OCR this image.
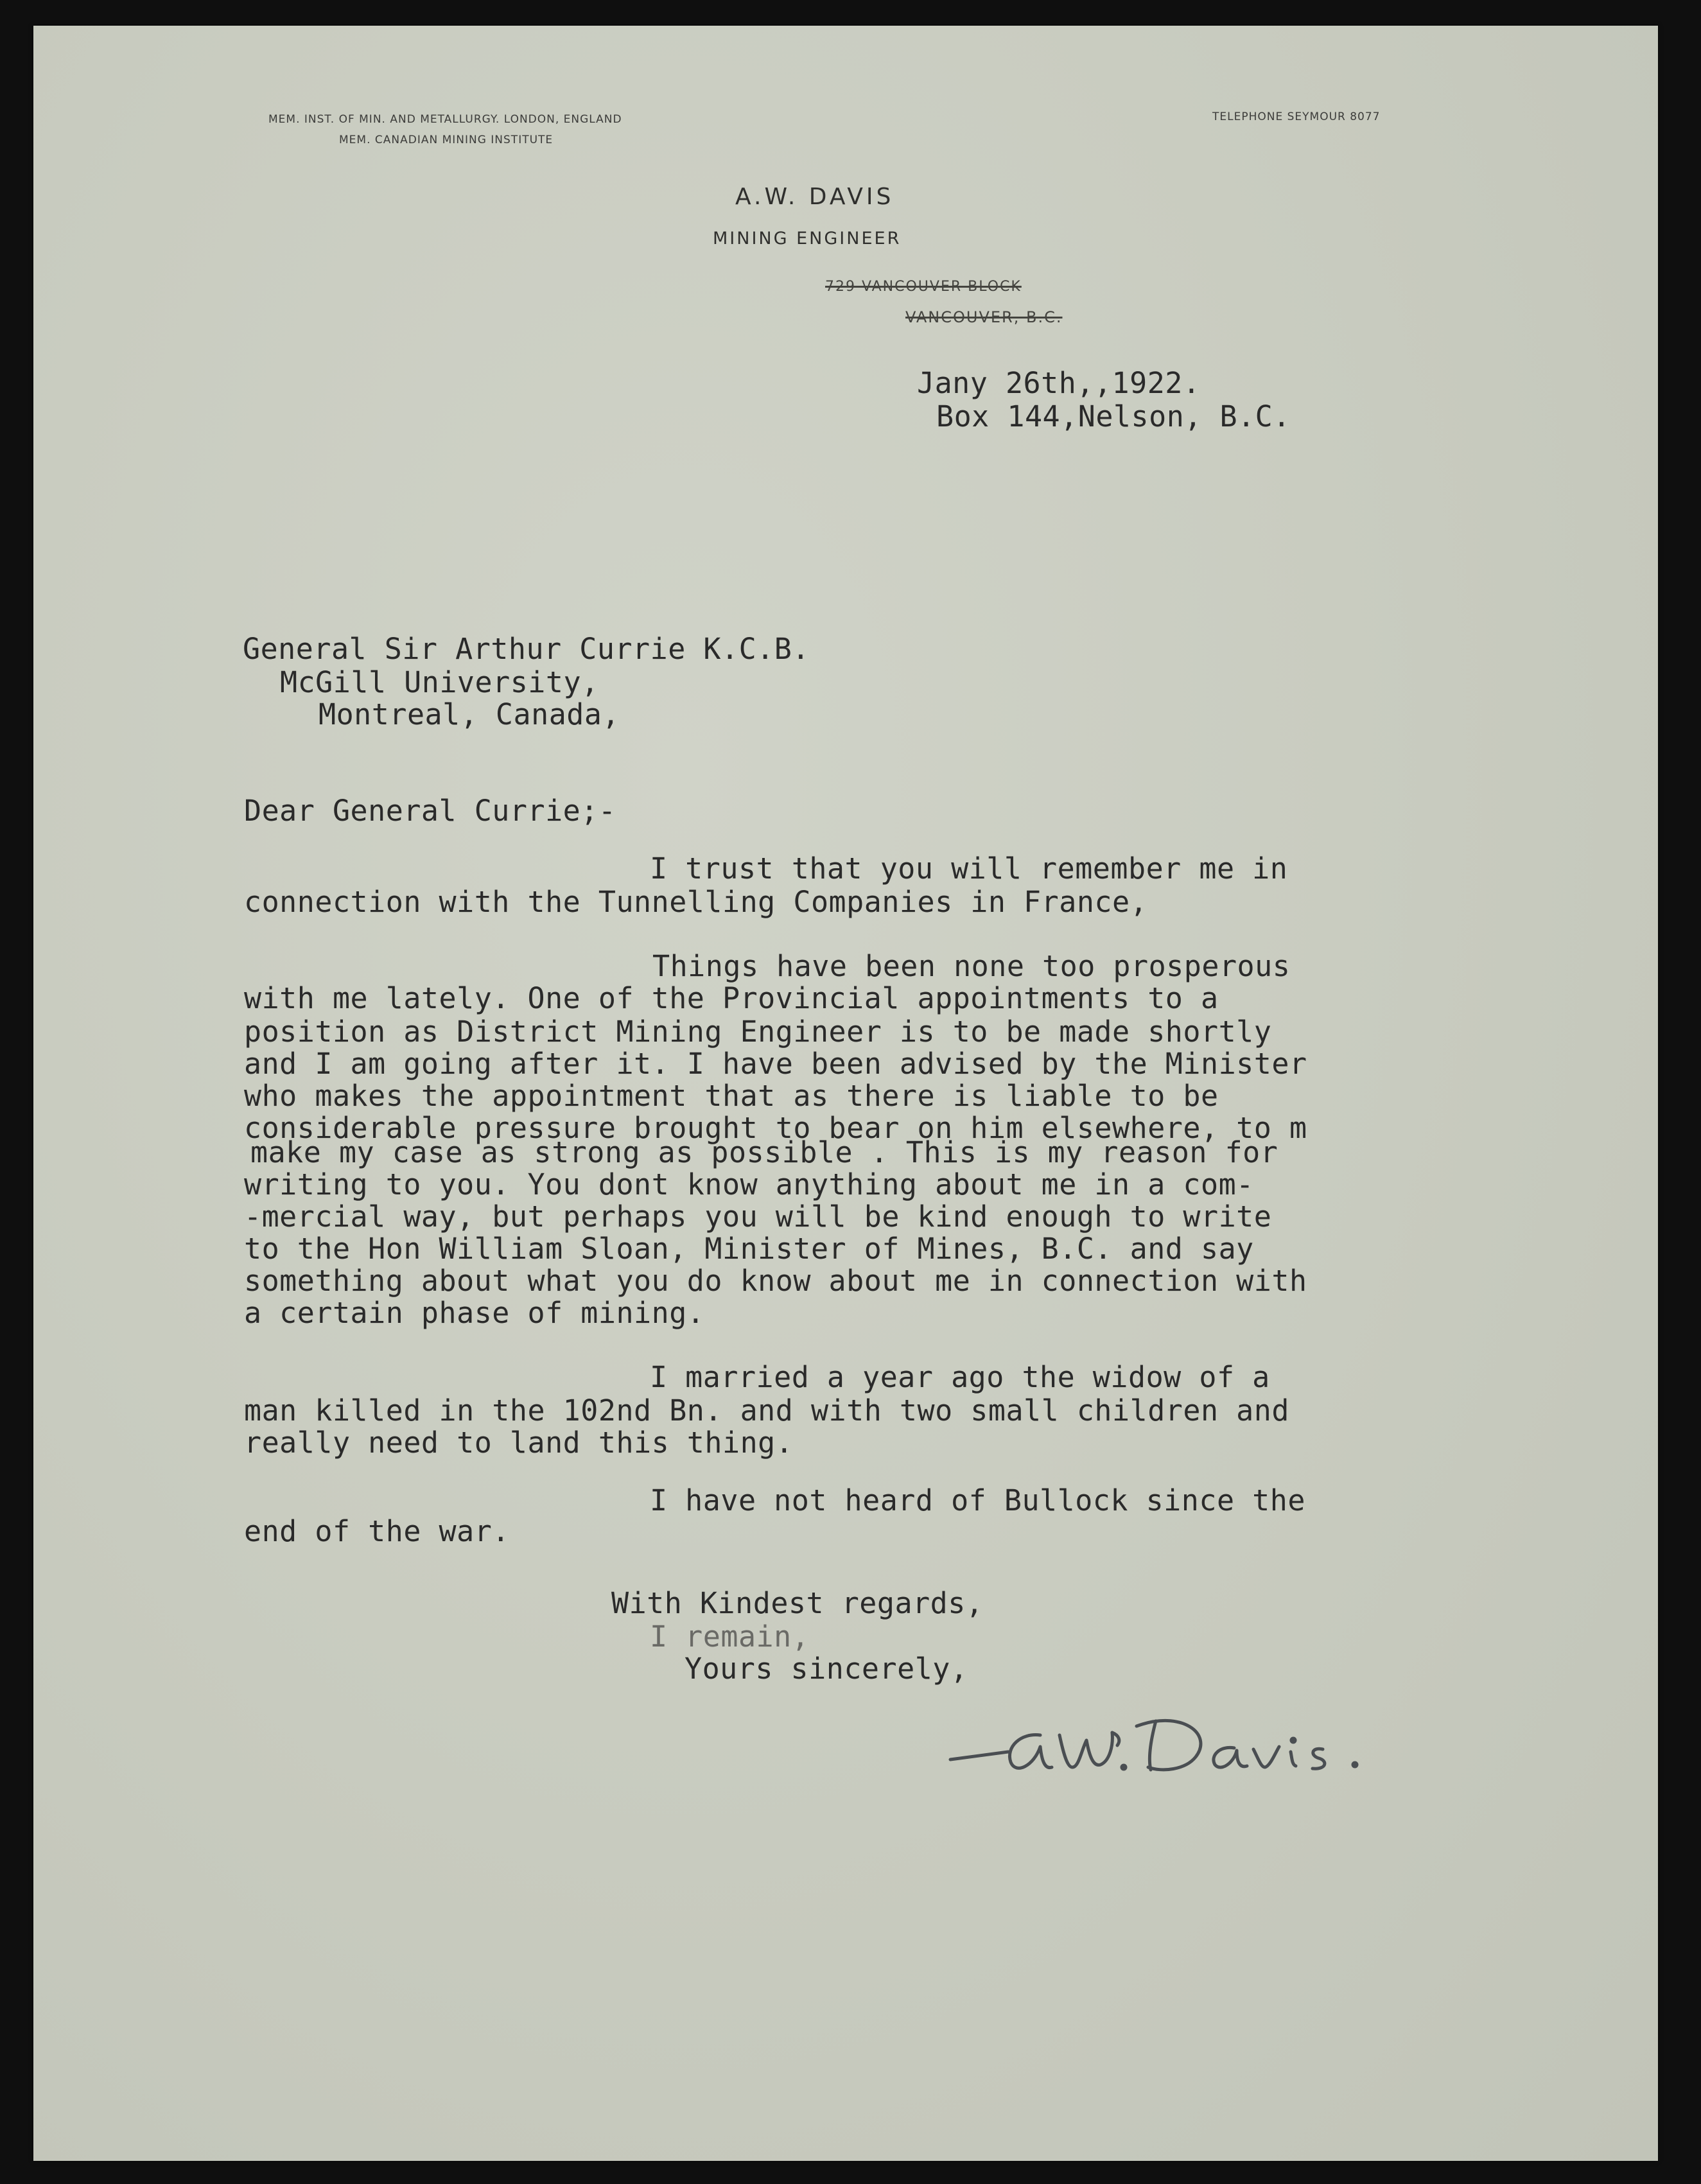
MEM. INST. OF MIN. AND METALLURGY. LONDON, ENGLAND
MEM. CANADIAN MINING INSTITUTE
TELEPHONE SEYMOUR 8077
A.W. DAVIS
MINING ENGINEER
729 VANCOUVER BLOCK
VANCOUVER, B.C.
Jany 26th,,1922.
Box 144,Nelson, B.C.
General Sir Arthur Currie K.C.B.
McGill University,
Montreal, Canada,
Dear General Currie;-
I trust that you will remember me in
connection with the Tunnelling Companies in France,
Things have been none too prosperous
with me lately. One of the Provincial appointments to a
position as District Mining Engineer is to be made shortly
and I am going after it. I have been advised by the Minister
who makes the appointment that as there is liable to be
considerable pressure brought to bear on him elsewhere, to m
make my case as strong as possible . This is my reason for
writing to you. You dont know anything about me in a com-
-mercial way, but perhaps you will be kind enough to write
to the Hon William Sloan, Minister of Mines, B.C. and say
something about what you do know about me in connection with
a certain phase of mining.
I married a year ago the widow of a
man killed in the 102nd Bn. and with two small children and
really need to land this thing.
I have not heard of Bullock since the
end of the war.
With Kindest regards,
I remain,
Yours sincerely,
